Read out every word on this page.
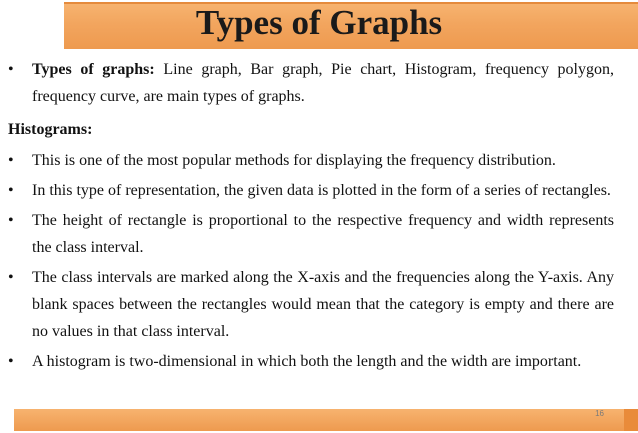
Types of Graphs
•	Types of graphs: Line graph, Bar graph, Pie chart, Histogram, frequency polygon, frequency curve, are main types of graphs.
Histograms:
•	This is one of the most popular methods for displaying the frequency distribution.
•	In this type of representation, the given data is plotted in the form of a series of rectangles.
•	The height of rectangle is proportional to the respective frequency and width represents the class interval.
•	The class intervals are marked along the X-axis and the frequencies along the Y-axis. Any blank spaces between the rectangles would mean that the category is empty and there are no values in that class interval.
•	A histogram is two-dimensional in which both the length and the width are important.
16
